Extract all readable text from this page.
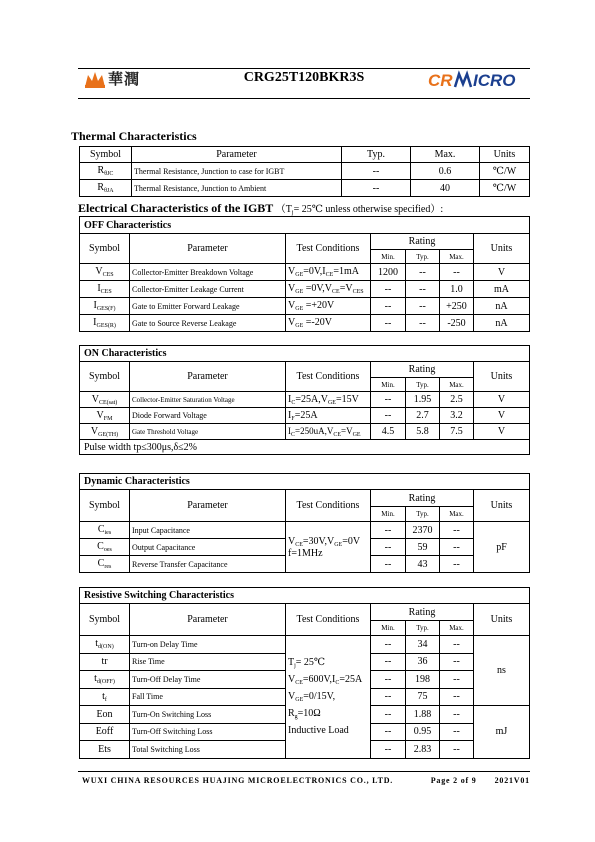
華潤	CRG25T120BKR3S	CR ICRO
Thermal Characteristics
Symbol	Parameter	Typ.	Max.	Units
$R_{\theta JC}$	Thermal Resistance, Junction to case for IGBT	--	0.6	℃/W
$R_{\theta JA}$	Thermal Resistance, Junction to Ambient	--	40	℃/W
Electrical Characteristics of the IGBT （$T_j=$ 25℃ unless otherwise specified）:
OFF Characteristics						
Symbol	Parameter	Test Conditions	Rating			Units
			Min.	Typ.	Max.	
$V_{CES}$	Collector-Emitter Breakdown Voltage	$V_{GE}=0V,I_{CE}=1mA$	1200	--	--	V
$I_{CES}$	Collector-Emitter Leakage Current	$V_{GE} =0V,V_{CE}=V_{CES}$	--	--	1.0	mA
$I_{GES(F)}$	Gate to Emitter Forward Leakage	$V_{GE} =+20V$	--	--	+250	nA
$I_{GES(R)}$	Gate to Source Reverse Leakage	$V_{GE} =-20V$	--	--	-250	nA
ON Characteristics						
Symbol	Parameter	Test Conditions	Rating			Units
			Min.	Typ.	Max.	
$V_{CE(sat)}$	Collector-Emitter Saturation Voltage	$I_C=25A,V_{GE}=15V$	--	1.95	2.5	V
$V_{FM}$	Diode Forward Voltage	$I_F=25A$	--	2.7	3.2	V
$V_{GE(TH)}$	Gate Threshold Voltage	$I_C=250uA,V_{CE}=V_{GE}$	4.5	5.8	7.5	V
Pulse width tp≤300μs,δ≤2%						
Dynamic Characteristics						
Symbol	Parameter	Test Conditions	Rating			Units
			Min.	Typ.	Max.	
$C_{ies}$	Input Capacitance	$V_{CE}=30V,V_{GE}=0V$
f=1MHz	--	2370	--	pF
$C_{oes}$	Output Capacitance		--	59	--	
$C_{res}$	Reverse Transfer Capacitance		--	43	--	
Resistive Switching Characteristics						
Symbol	Parameter	Test Conditions	Rating			Units
			Min.	Typ.	Max.	
$t_{d(ON)}$	Turn-on Delay Time	$T_j=$ 25℃
$V_{CE}=600V,I_C=25A$
$V_{GE}=0/15V$,
$R_g=10\Omega$
Inductive Load	--	34	--	ns
tr	Rise Time		--	36	--	
$t_{d(OFF)}$	Turn-Off Delay Time		--	198	--	
$t_f$	Fall Time		--	75	--	
Eon	Turn-On Switching Loss		--	1.88	--	mJ
Eoff	Turn-Off Switching Loss		--	0.95	--	
Ets	Total Switching Loss		--	2.83	--	
WUXI CHINA RESOURCES HUAJING MICROELECTRONICS CO., LTD.	Page 2 of 9 2021V01
